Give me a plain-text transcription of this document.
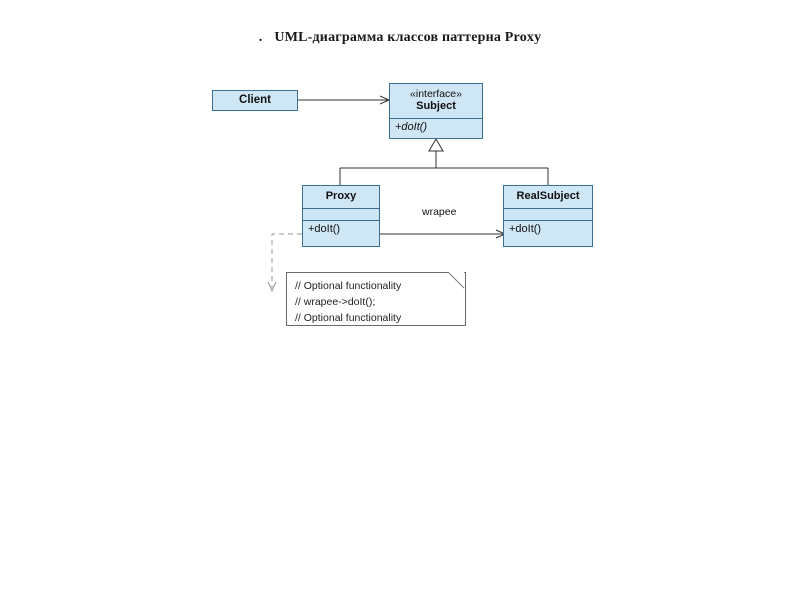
. UML-диаграмма классов паттерна Proxy
Client	«interface»
Subject
+doIt()
Proxy
+doIt()
RealSubject
+doIt()
wrapee
// Optional functionality
// wrapee->doIt();
// Optional functionality
